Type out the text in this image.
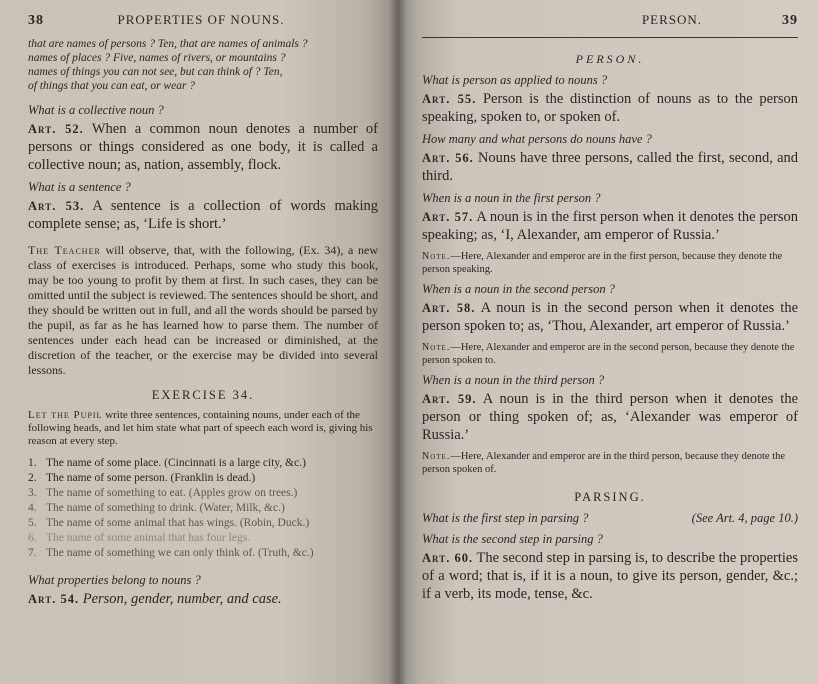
38	PROPERTIES OF NOUNS.
that are names of persons ? Ten, that are names of animals ?
names of places ? Five, names of rivers, or mountains ?
names of things you can not see, but can think of ? Ten,
of things that you can eat, or wear ?
What is a collective noun ?

Art. 52. When a common noun denotes a number of persons or things considered as one body, it is called a collective noun; as, nation, assembly, flock.

What is a sentence ?

Art. 53. A sentence is a collection of words making complete sense; as, ‘Life is short.’

The Teacher will observe, that, with the following, (Ex. 34), a new class of exercises is introduced. Perhaps, some who study this book, may be too young to profit by them at first. In such cases, they can be omitted until the subject is reviewed. The sentences should be short, and they should be written out in full, and all the words should be parsed by the pupil, as far as he has learned how to parse them. The number of sentences under each head can be increased or diminished, at the discretion of the teacher, or the exercise may be divided into several lessons.

EXERCISE 34.

Let the Pupil write three sentences, containing nouns, under each of the following heads, and let him state what part of speech each word is, giving his reason at every step.

1. The name of some place. (Cincinnati is a large city, &c.)
2. The name of some person. (Franklin is dead.)
3. The name of something to eat. (Apples grow on trees.)
4. The name of something to drink. (Water, Milk, &c.)
5. The name of some animal that has wings. (Robin, Duck.)
6. The name of some animal that has four legs.
7. The name of something we can only think of. (Truth, &c.)
What properties belong to nouns ?

Art. 54. Person, gender, number, and case.

PERSON.	39
PERSON.
What is person as applied to nouns ?

Art. 55. Person is the distinction of nouns as to the person speaking, spoken to, or spoken of.

How many and what persons do nouns have ?

Art. 56. Nouns have three persons, called the first, second, and third.

When is a noun in the first person ?

Art. 57. A noun is in the first person when it denotes the person speaking; as, ‘I, Alexander, am emperor of Russia.’

Note.—Here, Alexander and emperor are in the first person, because they denote the person speaking.

When is a noun in the second person ?

Art. 58. A noun is in the second person when it denotes the person spoken to; as, ‘Thou, Alexander, art emperor of Russia.’

Note.—Here, Alexander and emperor are in the second person, because they denote the person spoken to.

When is a noun in the third person ?

Art. 59. A noun is in the third person when it denotes the person or thing spoken of; as, ‘Alexander was emperor of Russia.’

Note.—Here, Alexander and emperor are in the third person, because they denote the person spoken of.

PARSING.
What is the first step in parsing ?	(See Art. 4, page 10.)
What is the second step in parsing ?

Art. 60. The second step in parsing is, to describe the properties of a word; that is, if it is a noun, to give its person, gender, &c.; if a verb, its mode, tense, &c.
